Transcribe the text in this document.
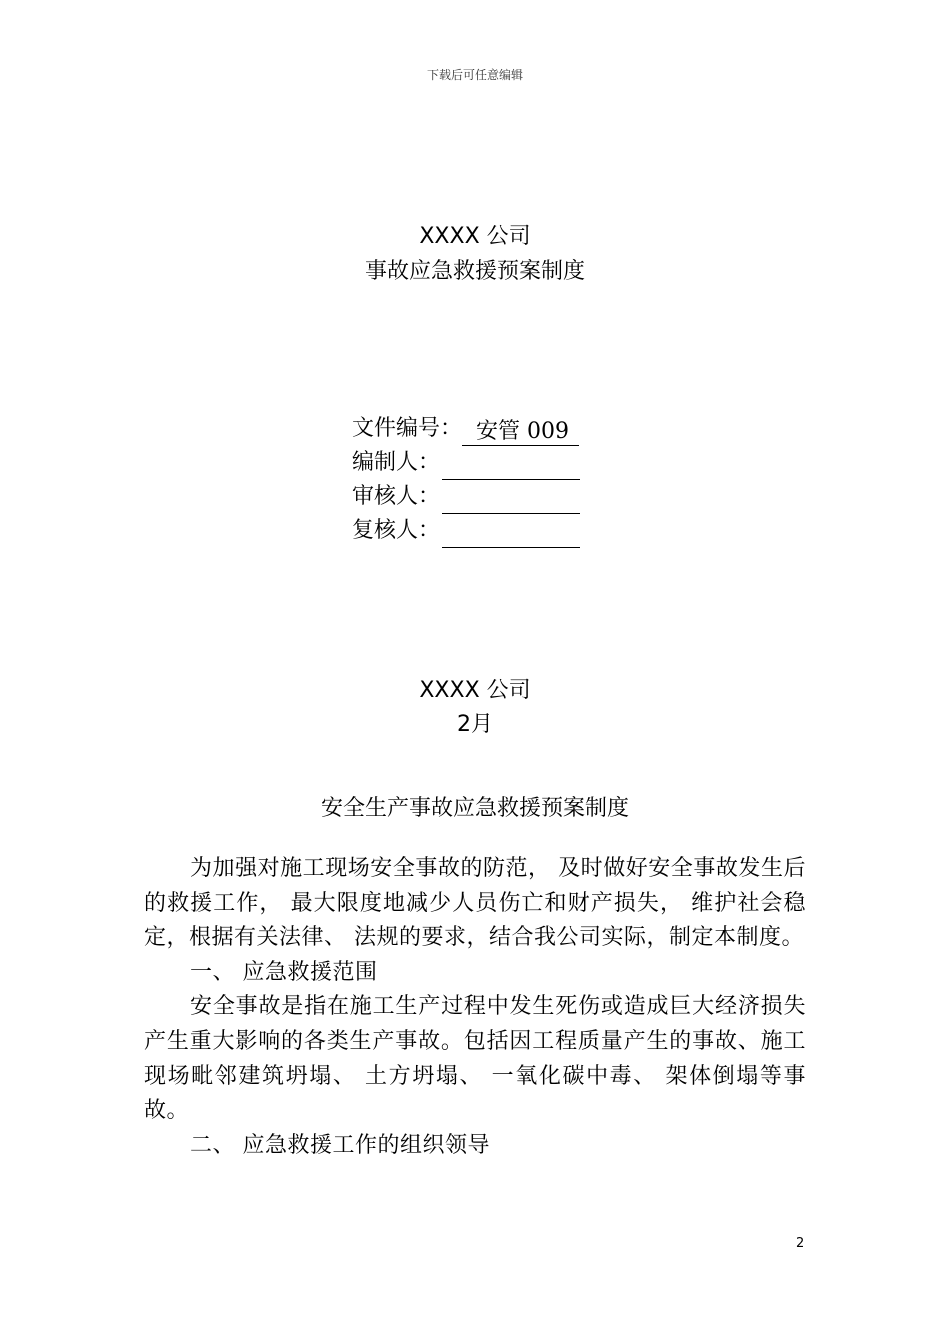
下载后可任意编辑
XXXX 公司
事故应急救援预案制度
文件编号： 安管 009
编制人：
审核人：
复核人：
XXXX 公司
2月
安全生产事故应急救援预案制度

为加强对施工现场安全事故的防范， 及时做好安全事故发生后的救援工作， 最大限度地减少人员伤亡和财产损失， 维护社会稳定，根据有关法律、 法规的要求，结合我公司实际，制定本制度。

一、 应急救援范围

安全事故是指在施工生产过程中发生死伤或造成巨大经济损失产生重大影响的各类生产事故。包括因工程质量产生的事故、施工现场毗邻建筑坍塌、 土方坍塌、 一氧化碳中毒、 架体倒塌等事故。

二、 应急救援工作的组织领导

2
